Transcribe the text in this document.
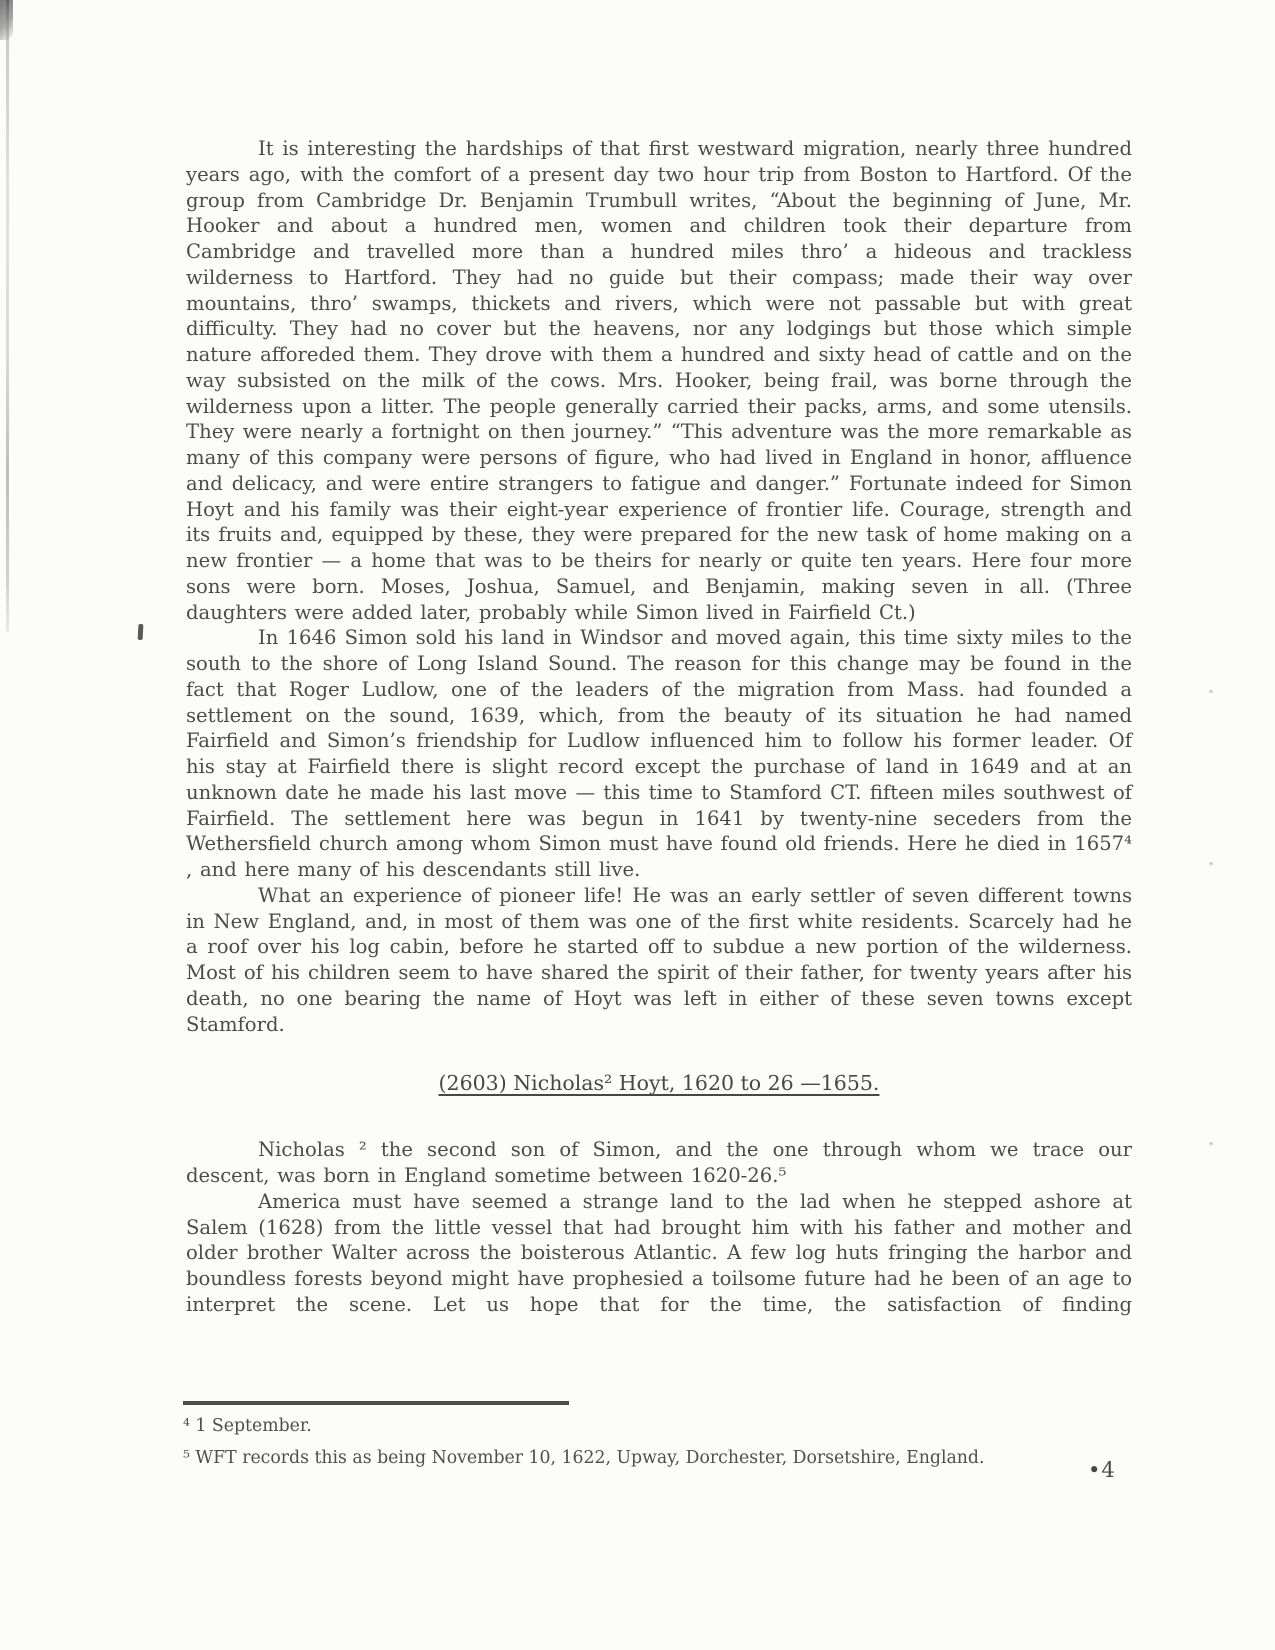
It is interesting the hardships of that first westward migration, nearly three hundred years ago, with the comfort of a present day two hour trip from Boston to Hartford. Of the group from Cambridge Dr. Benjamin Trumbull writes, “About the beginning of June, Mr. Hooker and about a hundred men, women and children took their departure from Cambridge and travelled more than a hundred miles thro’ a hideous and trackless wilderness to Hartford. They had no guide but their compass; made their way over mountains, thro’ swamps, thickets and rivers, which were not passable but with great difficulty. They had no cover but the heavens, nor any lodgings but those which simple nature afforeded them. They drove with them a hundred and sixty head of cattle and on the way subsisted on the milk of the cows. Mrs. Hooker, being frail, was borne through the wilderness upon a litter. The people generally carried their packs, arms, and some utensils. They were nearly a fortnight on then journey.” “This adventure was the more remarkable as many of this company were persons of figure, who had lived in England in honor, affluence and delicacy, and were entire strangers to fatigue and danger.” Fortunate indeed for Simon Hoyt and his family was their eight-year experience of frontier life. Courage, strength and its fruits and, equipped by these, they were prepared for the new task of home making on a new frontier — a home that was to be theirs for nearly or quite ten years. Here four more sons were born. Moses, Joshua, Samuel, and Benjamin, making seven in all. (Three daughters were added later, probably while Simon lived in Fairfield Ct.)

In 1646 Simon sold his land in Windsor and moved again, this time sixty miles to the south to the shore of Long Island Sound. The reason for this change may be found in the fact that Roger Ludlow, one of the leaders of the migration from Mass. had founded a settlement on the sound, 1639, which, from the beauty of its situation he had named Fairfield and Simon’s friendship for Ludlow influenced him to follow his former leader. Of his stay at Fairfield there is slight record except the purchase of land in 1649 and at an unknown date he made his last move — this time to Stamford CT. fifteen miles southwest of Fairfield. The settlement here was begun in 1641 by twenty-nine seceders from the Wethersfield church among whom Simon must have found old friends. Here he died in 1657⁴ , and here many of his descendants still live.

What an experience of pioneer life! He was an early settler of seven different towns in New England, and, in most of them was one of the first white residents. Scarcely had he a roof over his log cabin, before he started off to subdue a new portion of the wilderness. Most of his children seem to have shared the spirit of their father, for twenty years after his death, no one bearing the name of Hoyt was left in either of these seven towns except Stamford.

(2603) Nicholas² Hoyt, 1620 to 26 —1655.

Nicholas ² the second son of Simon, and the one through whom we trace our descent, was born in England sometime between 1620-26.⁵

America must have seemed a strange land to the lad when he stepped ashore at Salem (1628) from the little vessel that had brought him with his father and mother and older brother Walter across the boisterous Atlantic. A few log huts fringing the harbor and boundless forests beyond might have prophesied a toilsome future had he been of an age to interpret the scene. Let us hope that for the time, the satisfaction of finding

⁴ 1 September.

⁵ WFT records this as being November 10, 1622, Upway, Dorchester, Dorsetshire, England.	•4
